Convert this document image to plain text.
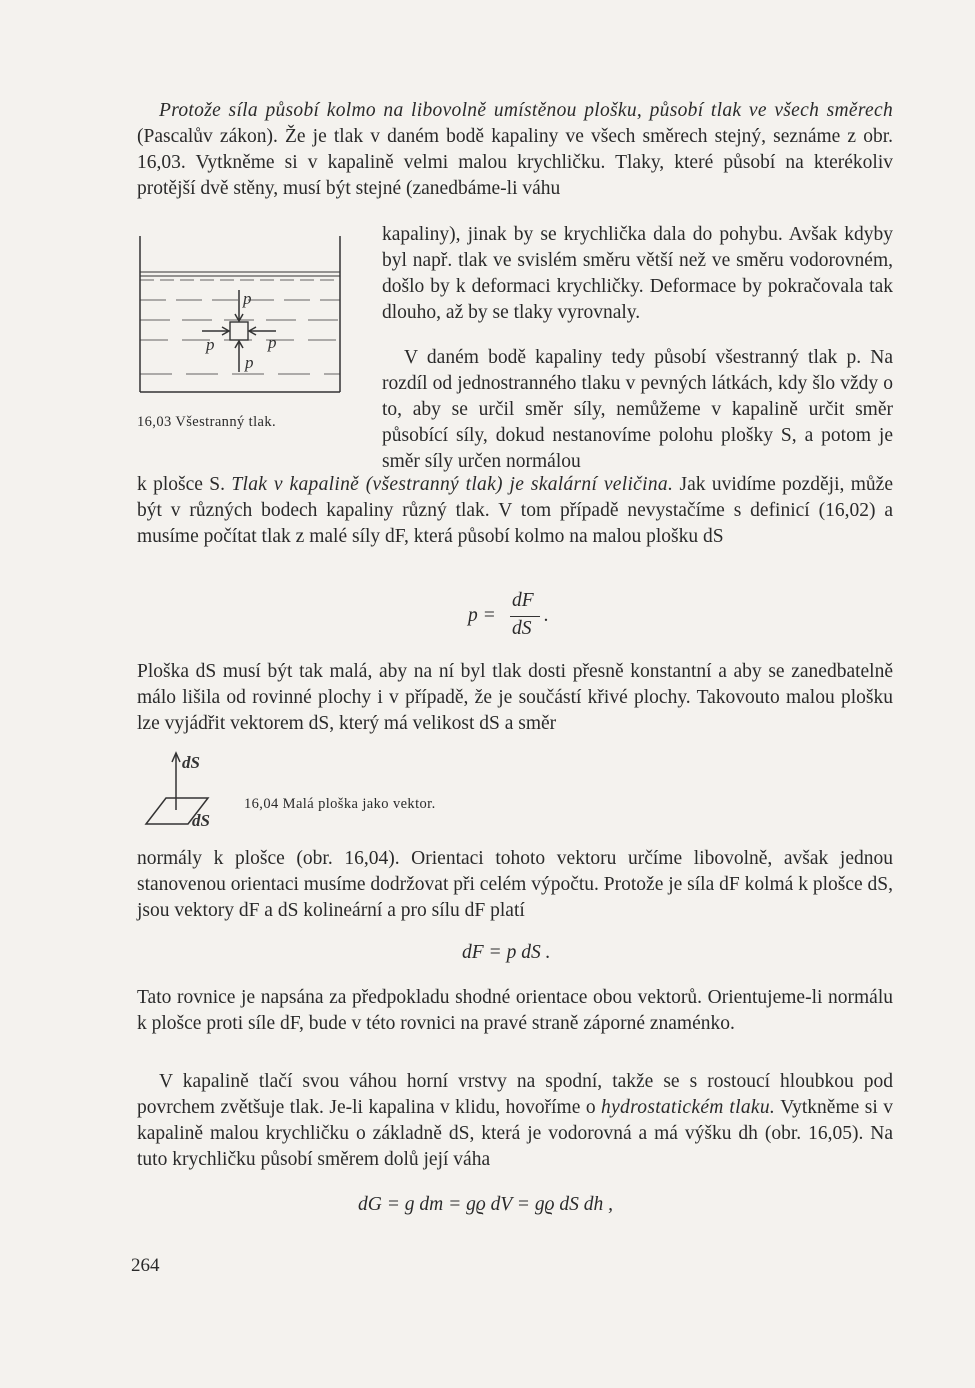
Protože síla působí kolmo na libovolně umístěnou plošku, působí tlak ve všech směrech (Pascalův zákon). Že je tlak v daném bodě kapaliny ve všech směrech stejný, seznáme z obr. 16,03. Vytkněme si v kapalině velmi malou krychličku. Tlaky, které působí na kterékoliv protější dvě stěny, musí být stejné (zanedbáme-li váhu

p
p	p
p
16,03 Všestranný tlak.

kapaliny), jinak by se krychlička dala do pohybu. Avšak kdyby byl např. tlak ve svislém směru větší než ve směru vodorovném, došlo by k deformaci krychličky. Deformace by pokračovala tak dlouho, až by se tlaky vyrovnaly.

V daném bodě kapaliny tedy působí všestranný tlak p. Na rozdíl od jednostranného tlaku v pevných látkách, kdy šlo vždy o to, aby se určil směr síly, nemůžeme v kapalině určit směr působící síly, dokud nestanovíme polohu plošky S, a potom je směr síly určen normálou

k plošce S. Tlak v kapalině (všestranný tlak) je skalární veličina. Jak uvidíme později, může být v různých bodech kapaliny různý tlak. V tom případě nevystačíme s definicí (16,02) a musíme počítat tlak z malé síly dF, která působí kolmo na malou plošku dS

p =
dF
dS
.

Ploška dS musí být tak malá, aby na ní byl tlak dosti přesně konstantní a aby se zanedbatelně málo lišila od rovinné plochy i v případě, že je součástí křivé plochy. Takovouto malou plošku lze vyjádřit vektorem dS, který má velikost dS a směr

dS
dS
16,04 Malá ploška jako vektor.

normály k plošce (obr. 16,04). Orientaci tohoto vektoru určíme libovolně, avšak jednou stanovenou orientaci musíme dodržovat při celém výpočtu. Protože je síla dF kolmá k plošce dS, jsou vektory dF a dS kolineární a pro sílu dF platí

dF = p dS .

Tato rovnice je napsána za předpokladu shodné orientace obou vektorů. Orientujeme-li normálu k plošce proti síle dF, bude v této rovnici na pravé straně záporné znaménko.

V kapalině tlačí svou váhou horní vrstvy na spodní, takže se s rostoucí hloubkou pod povrchem zvětšuje tlak. Je-li kapalina v klidu, hovoříme o hydrostatickém tlaku. Vytkněme si v kapalině malou krychličku o základně dS, která je vodorovná a má výšku dh (obr. 16,05). Na tuto krychličku působí směrem dolů její váha

dG = g dm = gϱ dV = gϱ dS dh ,
264
